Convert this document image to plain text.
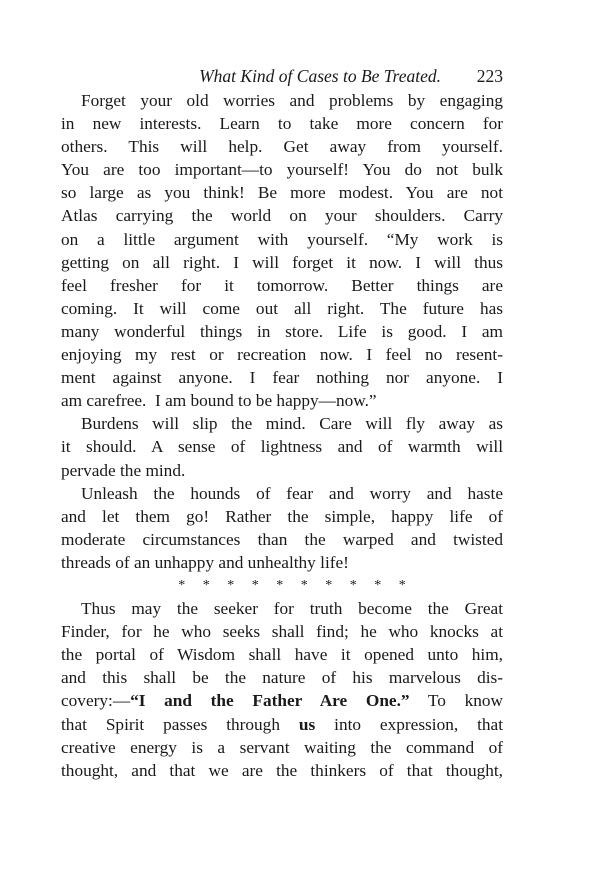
What Kind of Cases to Be Treated. 223
Forget your old worries and problems by engaging
in new interests. Learn to take more concern for
others. This will help. Get away from yourself.
You are too important—to yourself! You do not bulk
so large as you think! Be more modest. You are not
Atlas carrying the world on your shoulders. Carry
on a little argument with yourself. “My work is
getting on all right. I will forget it now. I will thus
feel fresher for it tomorrow. Better things are
coming. It will come out all right. The future has
many wonderful things in store. Life is good. I am
enjoying my rest or recreation now. I feel no resent-
ment against anyone. I fear nothing nor anyone. I
am carefree.  I am bound to be happy—now.”
Burdens will slip the mind. Care will fly away as
it should. A sense of lightness and of warmth will
pervade the mind.
Unleash the hounds of fear and worry and haste
and let them go! Rather the simple, happy life of
moderate circumstances than the warped and twisted
threads of an unhappy and unhealthy life!
* * * * * * * * * *
Thus may the seeker for truth become the Great
Finder, for he who seeks shall find; he who knocks at
the portal of Wisdom shall have it opened unto him,
and this shall be the nature of his marvelous dis-
covery:—“I and the Father Are One.” To know
that Spirit passes through us into expression, that
creative energy is a servant waiting the command of
thought, and that we are the thinkers of that thought,
